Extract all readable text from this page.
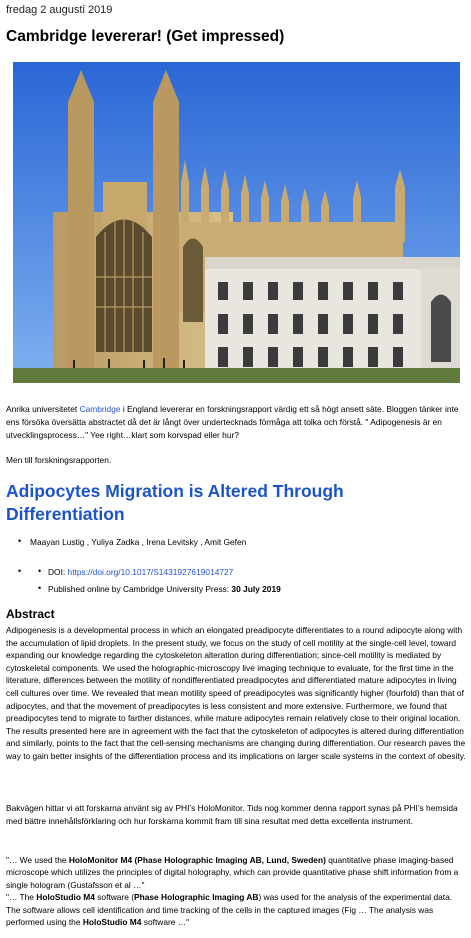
fredag 2 augusti 2019
Cambridge levererar! (Get impressed)
Anrika universitetet Cambridge i England levererar en forskningsrapport värdig ett så högt ansett säte. Bloggen tänker inte ens försöka översätta abstractet då det är långt över undertecknads förmåga att tolka och förstå. " Adipogenesis är en utvecklingsprocess…" Yee right…klart som korvspad eller hur?
Men till forskningsrapporten.
Adipocytes Migration is Altered Through Differentiation
• Maayan Lustig , Yuliya Zadka , Irena Levitsky , Amit Gefen
• • DOI: https://doi.org/10.1017/S1431927619014727
• Published online by Cambridge University Press: 30 July 2019
Abstract
Adipogenesis is a developmental process in which an elongated preadipocyte differentiates to a round adipocyte along with the accumulation of lipid droplets. In the present study, we focus on the study of cell motility at the single-cell level, toward expanding our knowledge regarding the cytoskeleton alteration during differentiation; since-cell motility is mediated by cytoskeletal components. We used the holographic-microscopy live imaging technique to evaluate, for the first time in the literature, differences between the motility of nondifferentiated preadipocytes and differentiated mature adipocytes in living cell cultures over time. We revealed that mean motility speed of preadipocytes was significantly higher (fourfold) than that of adipocytes, and that the movement of preadipocytes is less consistent and more extensive. Furthermore, we found that preadipocytes tend to migrate to farther distances, while mature adipocytes remain relatively close to their original location. The results presented here are in agreement with the fact that the cytoskeleton of adipocytes is altered during differentiation and similarly, points to the fact that the cell-sensing mechanisms are changing during differentiation. Our research paves the way to gain better insights of the differentiation process and its implications on larger scale systems in the context of obesity.
Bakvägen hittar vi att forskarna använt sig av PHI’s HoloMonitor. Tids nog kommer denna rapport synas på PHI’s hemsida med bättre innehållsförklaring och hur forskarna kommit fram till sina resultat med detta excellenta instrument.

"… We used the HoloMonitor M4 (Phase Holographic Imaging AB, Lund, Sweden) quantitative phase imaging-based microscope which utilizes the principles of digital holography, which can provide quantitative phase shift information from a single hologram (Gustafsson et al …"

"… The HoloStudio M4 software (Phase Holographic Imaging AB) was used for the analysis of the experimental data. The software allows cell identification and time tracking of the cells in the captured images (Fig … The analysis was performed using the HoloStudio M4 software …"
